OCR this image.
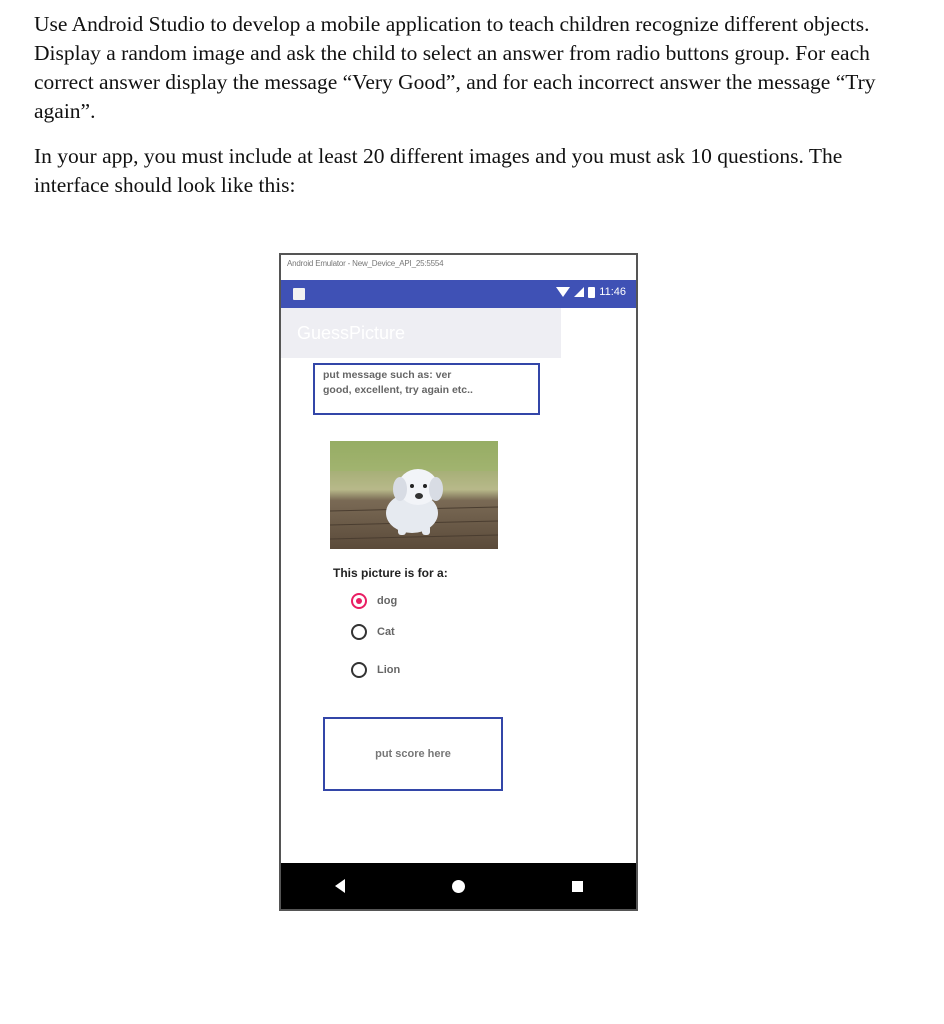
Use Android Studio to develop a mobile application to teach children recognize different objects. Display a random image and ask the child to select an answer from radio buttons group. For each correct answer display the message “Very Good”, and for each incorrect answer the message “Try again”.

In your app, you must include at least 20 different images and you must ask 10 questions. The interface should look like this:

Android Emulator - New_Device_API_25:5554
11:46
GuessPicture
put message such as: ver
good, excellent, try again etc..
This picture is for a:
dog
Cat
Lion
put score here
